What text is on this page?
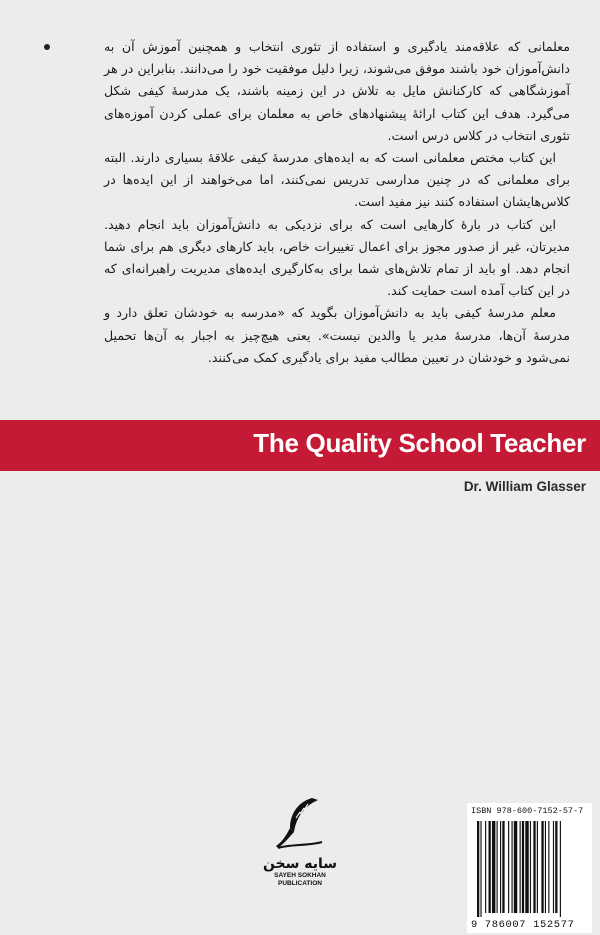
معلمانی که علاقه‌مند یادگیری و استفاده از تئوری انتخاب و همچنین آموزش آن به دانش‌آموزان خود باشند موفق می‌شوند، زیرا دلیل موفقیت خود را می‌دانند. بنابراین در هر آموزشگاهی که کارکنانش مایل به تلاش در این زمینه باشند، یک مدرسهٔ کیفی شکل می‌گیرد. هدف این کتاب ارائهٔ پیشنهادهای خاص به معلمان برای عملی کردن آموزه‌های تئوری انتخاب در کلاس درس است.

این کتاب مختص معلمانی است که به ایده‌های مدرسهٔ کیفی علاقهٔ بسیاری دارند. البته برای معلمانی که در چنین مدارسی تدریس نمی‌کنند، اما می‌خواهند از این ایده‌ها در کلاس‌هایشان استفاده کنند نیز مفید است.

این کتاب در بارهٔ کارهایی است که برای نزدیکی به دانش‌آموزان باید انجام دهید. مدیرتان، غیر از صدور مجوز برای اعمال تغییرات خاص، باید کارهای دیگری هم برای شما انجام دهد. او باید از تمام تلاش‌های شما برای به‌کارگیری ایده‌های مدیریت راهبرانه‌ای که در این کتاب آمده است حمایت کند.

معلم مدرسهٔ کیفی باید به دانش‌آموزان بگوید که «مدرسه به خودشان تعلق دارد و مدرسهٔ آن‌ها، مدرسهٔ مدیر یا والدین نیست». یعنی هیچ‌چیز به اجبار به آن‌ها تحمیل نمی‌شود و خودشان در تعیین مطالب مفید برای یادگیری کمک می‌کنند.

The Quality School Teacher
Dr. William Glasser
سایه سخن
SAYEH SOKHAN
PUBLICATION
ISBN 978-600-7152-57-7
9 786007 152577
